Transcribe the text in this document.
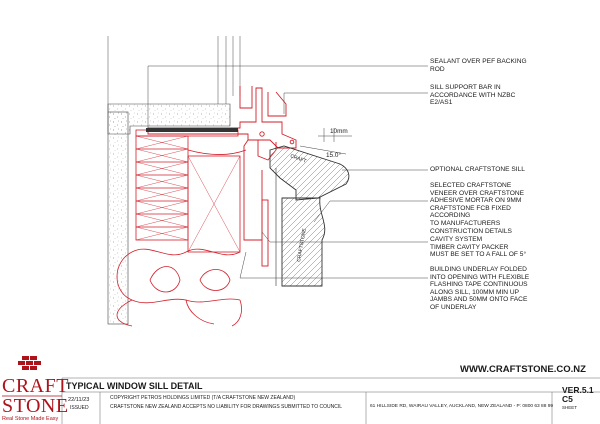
CRAFT
CRAFTSTONE
SEALANT OVER PEF BACKING
ROD
SILL SUPPORT BAR IN
ACCORDANCE WITH NZBC
E2/AS1
OPTIONAL CRAFTSTONE SILL
SELECTED CRAFTSTONE
VENEER OVER CRAFTSTONE
ADHESIVE MORTAR ON 9MM
CRAFTSTONE FCB FIXED
ACCORDING
TO MANUFACTURERS
CONSTRUCTION DETAILS
CAVITY SYSTEM
TIMBER CAVITY PACKER
MUST BE SET TO A FALL OF 5°
BUILDING UNDERLAY FOLDED
INTO OPENING WITH FLEXIBLE
FLASHING TAPE CONTINUOUS
ALONG SILL, 100MM MIN UP
JAMBS AND 50MM ONTO FACE
OF UNDERLAY
10mm
15.0°
WWW.CRAFTSTONE.CO.NZ
CRAFT
STONE
Real Stone Made Easy
TYPICAL WINDOW SILL DETAIL
22/11/23
ISSUED
COPYRIGHT PETROS HOLDINGS LIMITED (T/A CRAFTSTONE NEW ZEALAND)
CRAFTSTONE NEW ZEALAND ACCEPTS NO LIABILITY FOR DRAWINGS SUBMITTED TO COUNCIL	61 HILLSIDE RD, WAIRAU VALLEY, AUCKLAND, NEW ZEALAND - P: 0800 63 88 99
VER.5.1
C5
SHEET
